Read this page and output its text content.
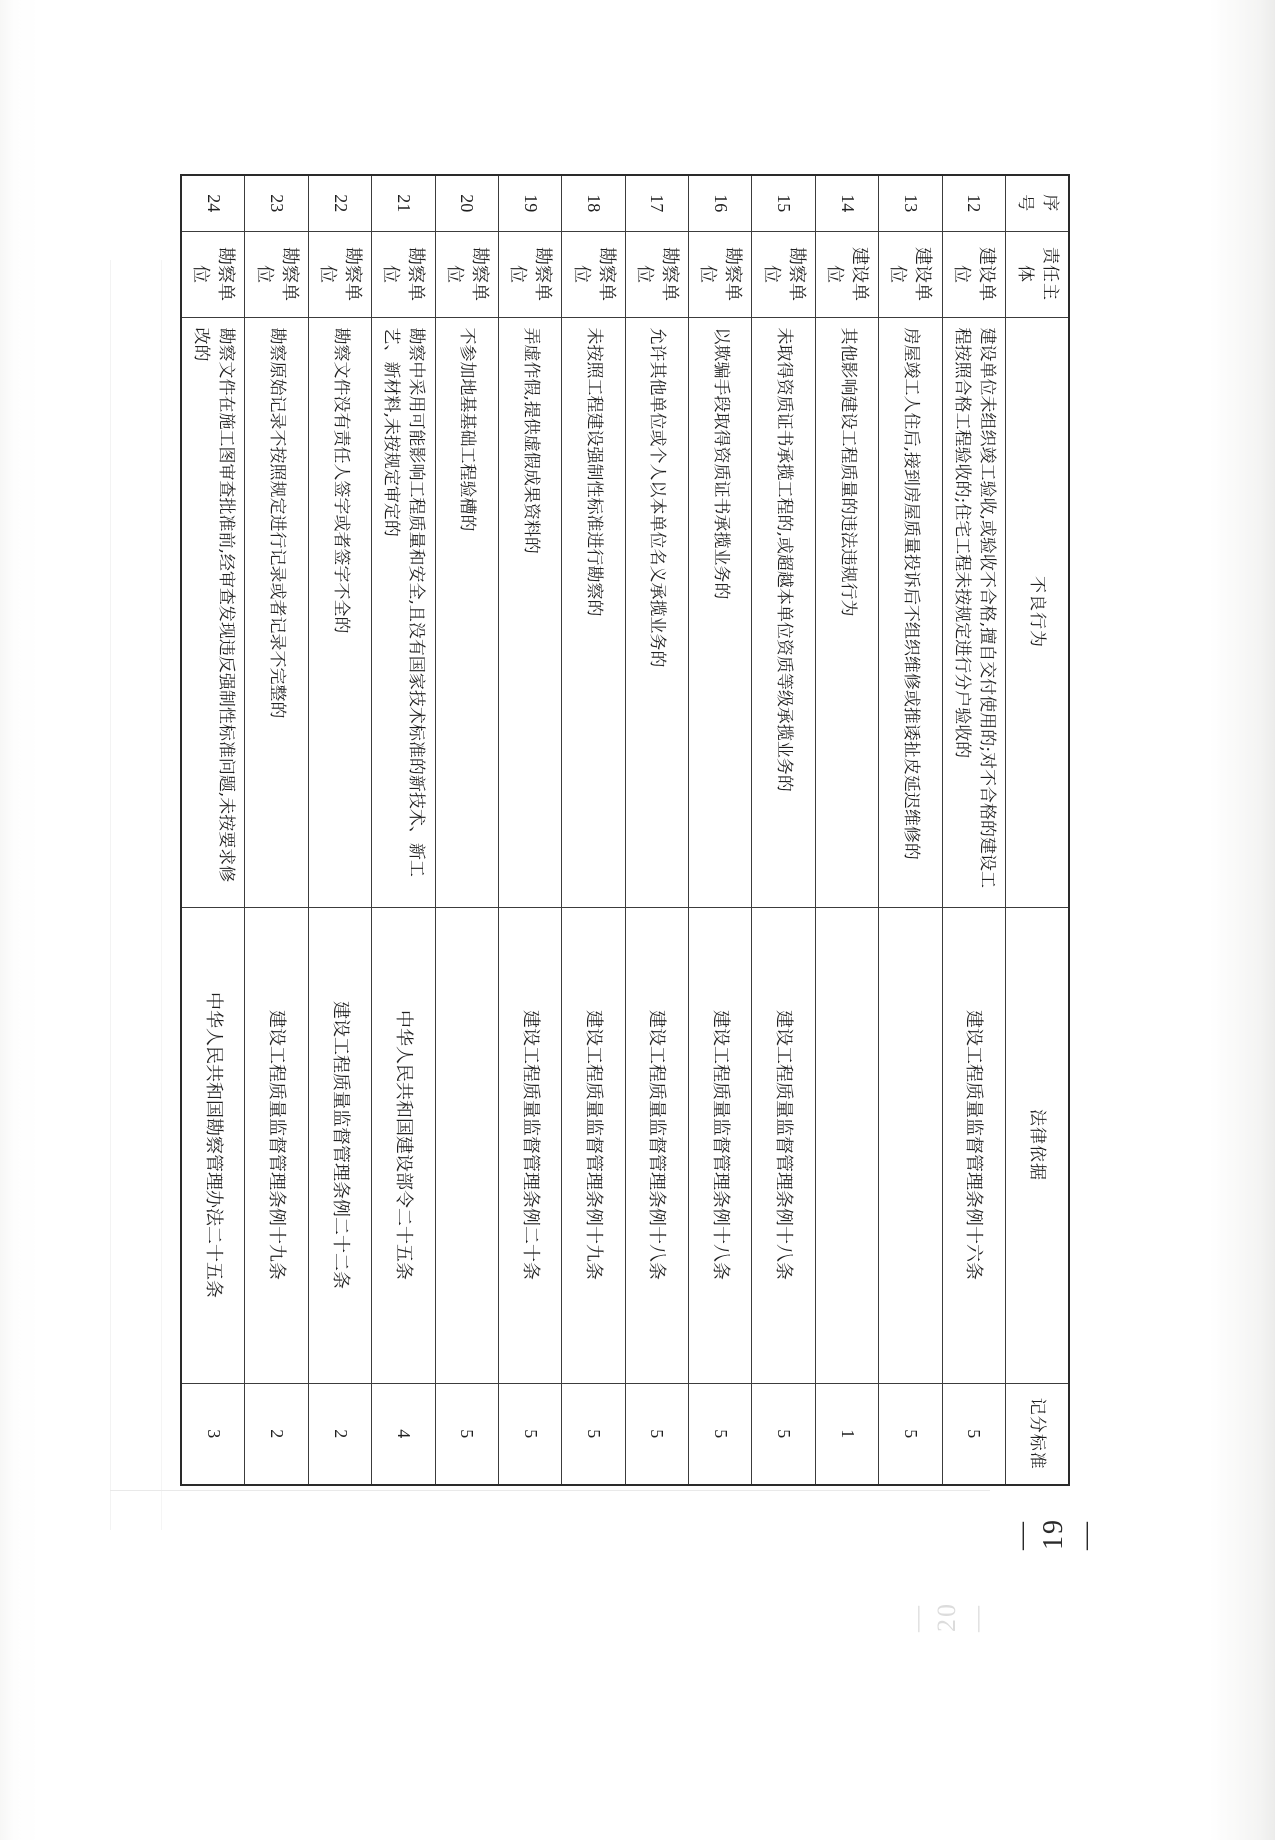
序号	责任主体	不良行为	法律依据	记分标准
12	建设单位	建设单位未组织竣工验收,或验收不合格,擅自交付使用的;对不合格的建设工程按照合格工程验收的;住宅工程未按规定进行分户验收的	建设工程质量监督管理条例十六条	5
13	建设单位	房屋竣工人住后,接到房屋质量投诉后不组织维修或推诿扯皮延迟维修的		5
14	建设单位	其他影响建设工程质量的违法违规行为		1
15	勘察单位	未取得资质证书承揽工程的,或超越本单位资质等级承揽业务的	建设工程质量监督管理条例十八条	5
16	勘察单位	以欺骗手段取得资质证书承揽业务的	建设工程质量监督管理条例十八条	5
17	勘察单位	允许其他单位或个人以本单位名义承揽业务的	建设工程质量监督管理条例十八条	5
18	勘察单位	未按照工程建设强制性标准进行勘察的	建设工程质量监督管理条例十九条	5
19	勘察单位	弄虚作假,提供虚假成果资料的	建设工程质量监督管理条例二十条	5
20	勘察单位	不参加地基基础工程验槽的		5
21	勘察单位	勘察中采用可能影响工程质量和安全,且没有国家技术标准的新技术、新工艺、新材料,未按规定审定的	中华人民共和国建设部令二十五条	4
22	勘察单位	勘察文件没有责任人签字或者签字不全的	建设工程质量监督管理条例二十二条	2
23	勘察单位	勘察原始记录不按照规定进行记录或者记录不完整的	建设工程质量监督管理条例十九条	2
24	勘察单位	勘察文件在施工图审查批准前,经审查发现违反强制性标准问题,未按要求修改的	中华人民共和国勘察管理办法二十五条	3
— 19 —
— 20 —
